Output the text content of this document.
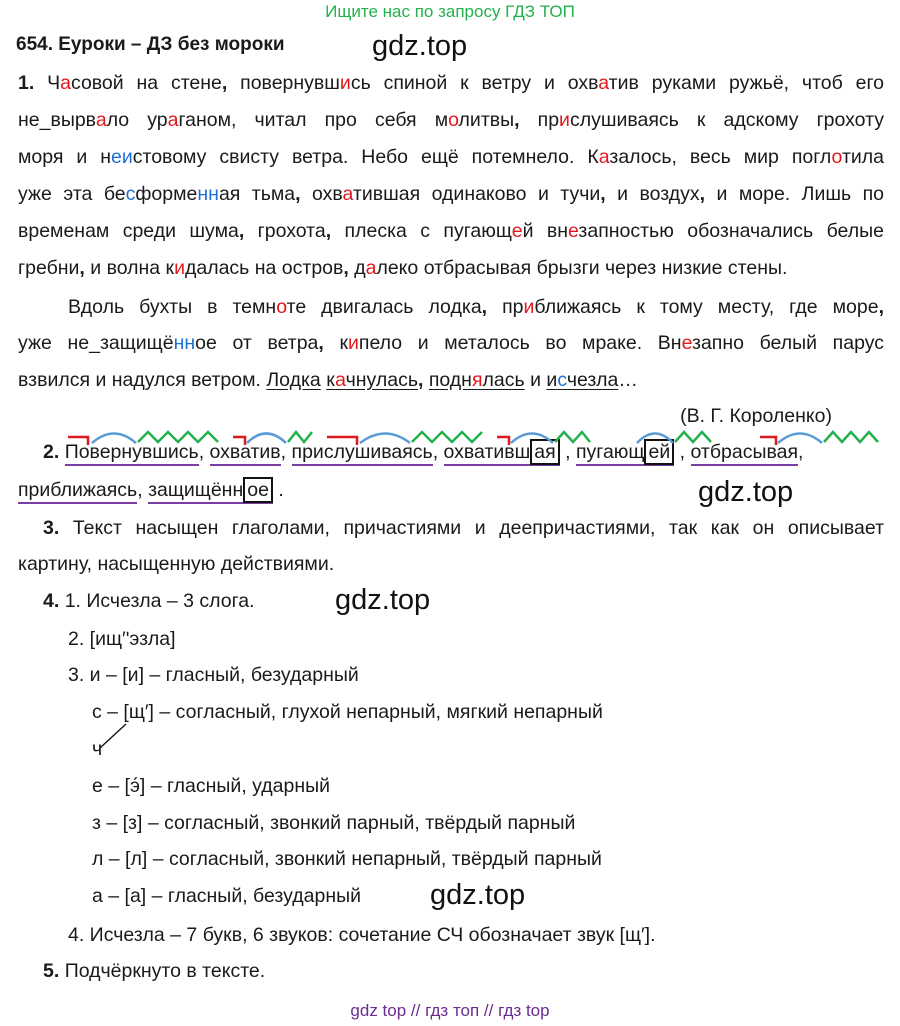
Ищите нас по запросу ГДЗ ТОП
654. Еуроки – ДЗ без мороки	gdz.top
1. Часовой на стене, повернувшись спиной к ветру и охватив руками ружьё, чтоб его
не_выpвало ураганом, читал про себя молитвы, прислушиваясь к адскому грохоту
моря и неистовому свисту ветра. Небо ещё потемнело. Казалось, весь мир поглотила
уже эта бесформенная тьма, охватившая одинаково и тучи, и воздух, и море. Лишь по
временам среди шума, грохота, плеска с пугающей внезапностью обозначались белые
гребни, и волна кидалась на остров, далеко отбрасывая брызги через низкие стены.
Вдоль бухты в темноте двигалась лодка, приближаясь к тому месту, где море,
уже не_защищённое от ветра, кипело и металось во мраке. Внезапно белый парус
взвился и надулся ветром. Лодка качнулась, поднялась и исчезла…
(В. Г. Короленко)
2. Повернувшись, охватив, прислушиваясь, охвативш ая , пугающ ей , отбрасывая,
приближаясь, защищённ ое .	gdz.top
3. Текст насыщен глаголами, причастиями и деепричастиями, так как он описывает
картину, насыщенную действиями.
4. 1. Исчезла – 3 слога.	gdz.top
2. [ищ′ʹэзла]
3. и – [и] – гласный, безударный
с – [щ′] – согласный, глухой непарный, мягкий непарный
ч
е – [э́] – гласный, ударный
з – [з] – согласный, звонкий парный, твёрдый парный
л – [л] – согласный, звонкий непарный, твёрдый парный
а – [а] – гласный, безударный gdz.top
4. Исчезла – 7 букв, 6 звуков: сочетание СЧ обозначает звук [щ′].
5. Подчёркнуто в тексте.
gdz top // гдз топ // гдз top
